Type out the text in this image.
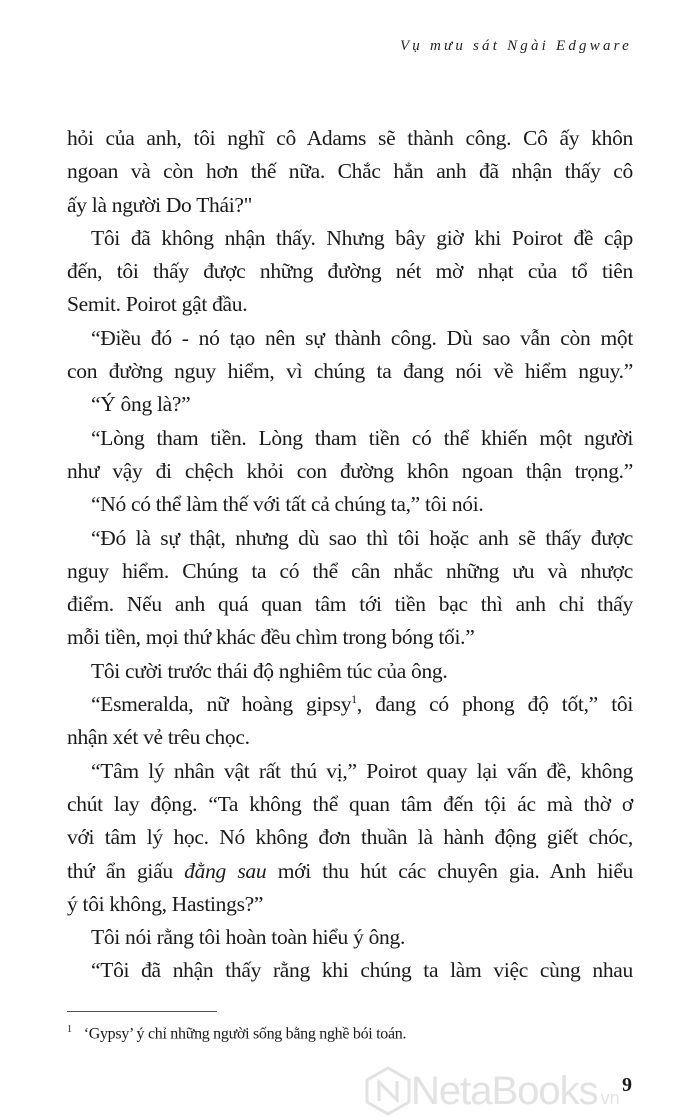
Vụ mưu sát Ngài Edgware
hỏi của anh, tôi nghĩ cô Adams sẽ thành công. Cô ấy khôn
ngoan và còn hơn thế nữa. Chắc hẳn anh đã nhận thấy cô
ấy là người Do Thái?"
Tôi đã không nhận thấy. Nhưng bây giờ khi Poirot đề cập
đến, tôi thấy được những đường nét mờ nhạt của tổ tiên
Semit. Poirot gật đầu.
“Điều đó - nó tạo nên sự thành công. Dù sao vẫn còn một
con đường nguy hiểm, vì chúng ta đang nói về hiểm nguy.”
“Ý ông là?”
“Lòng tham tiền. Lòng tham tiền có thể khiến một người
như vậy đi chệch khỏi con đường khôn ngoan thận trọng.”
“Nó có thể làm thế với tất cả chúng ta,” tôi nói.
“Đó là sự thật, nhưng dù sao thì tôi hoặc anh sẽ thấy được
nguy hiểm. Chúng ta có thể cân nhắc những ưu và nhược
điểm. Nếu anh quá quan tâm tới tiền bạc thì anh chỉ thấy
mỗi tiền, mọi thứ khác đều chìm trong bóng tối.”
Tôi cười trước thái độ nghiêm túc của ông.
“Esmeralda, nữ hoàng gipsy$^1$, đang có phong độ tốt,” tôi
nhận xét vẻ trêu chọc.
“Tâm lý nhân vật rất thú vị,” Poirot quay lại vấn đề, không
chút lay động. “Ta không thể quan tâm đến tội ác mà thờ ơ
với tâm lý học. Nó không đơn thuần là hành động giết chóc,
thứ ẩn giấu đằng sau mới thu hút các chuyên gia. Anh hiểu
ý tôi không, Hastings?”
Tôi nói rằng tôi hoàn toàn hiểu ý ông.
“Tôi đã nhận thấy rằng khi chúng ta làm việc cùng nhau
$^1$ ‘Gypsy’ ý chỉ những người sống bằng nghề bói toán.
NetaBooks vn
9
